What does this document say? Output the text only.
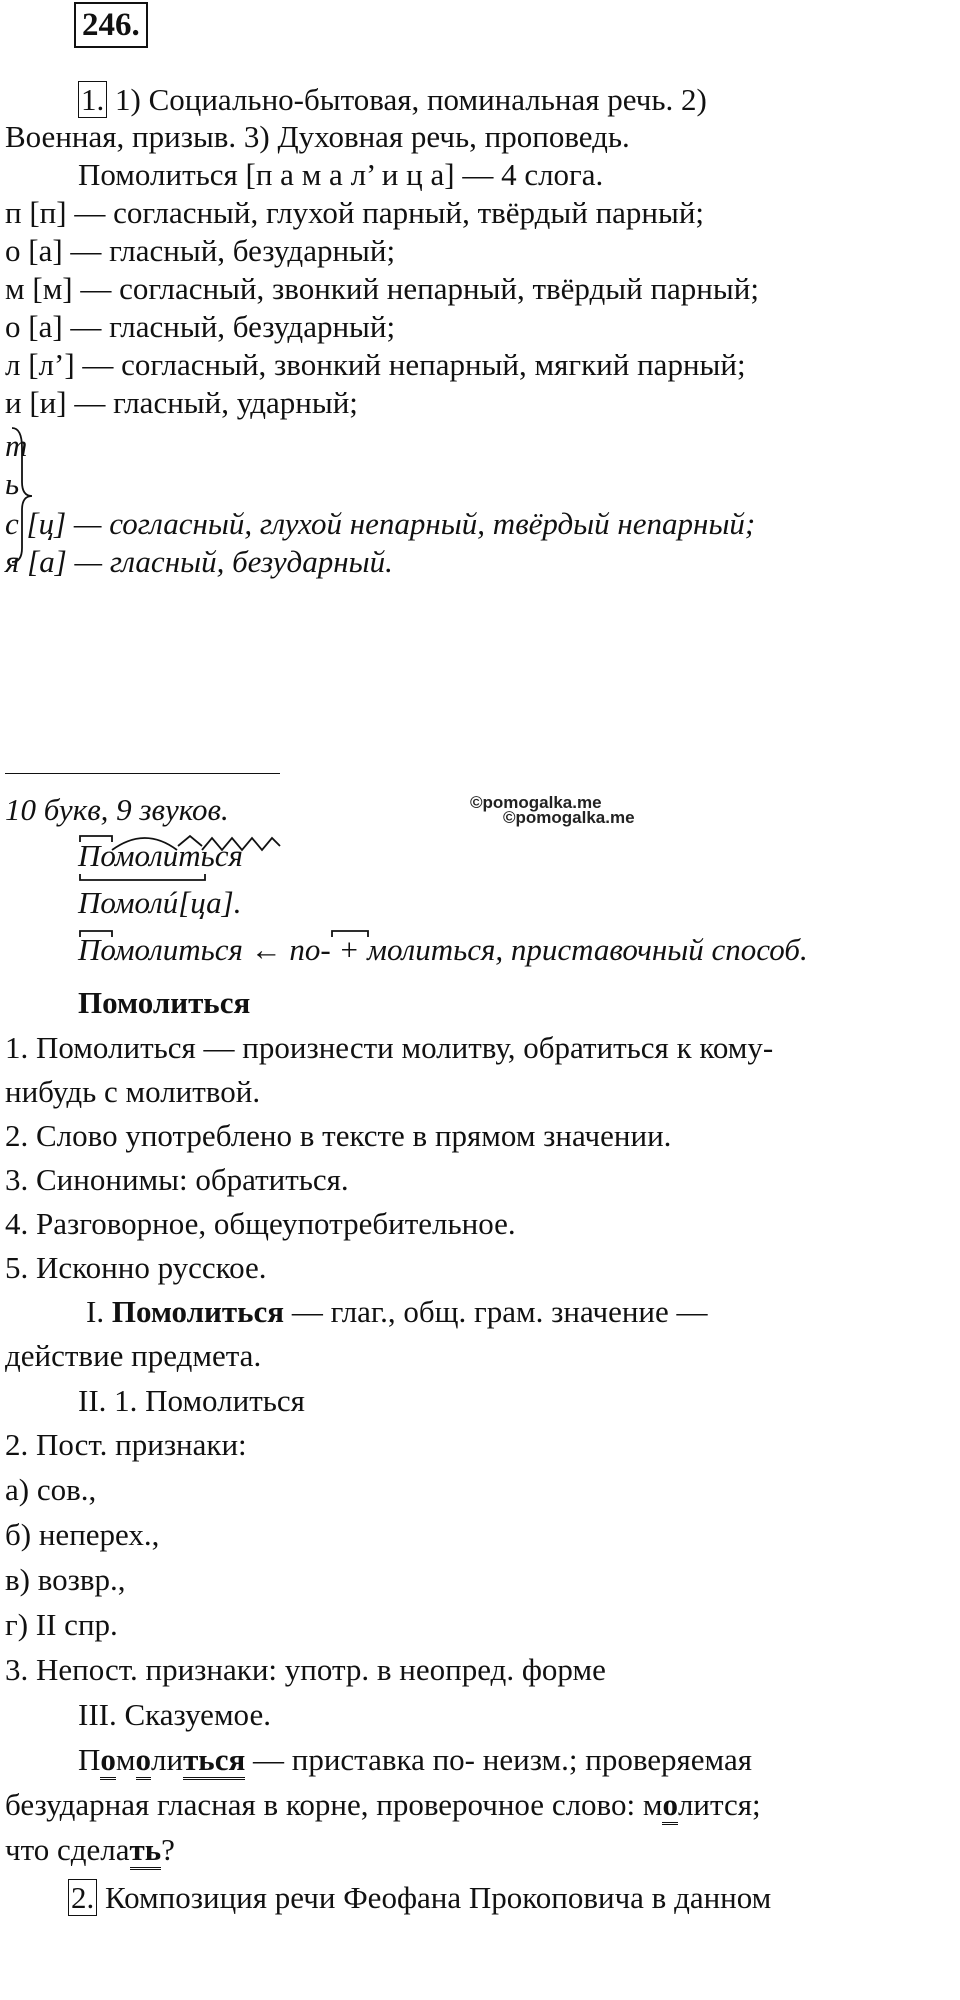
246.
1. 1) Социально-бытовая, поминальная речь. 2)
Военная, призыв. 3) Духовная речь, проповедь.
Помолиться [п а м а л’ и ц а] — 4 слога.
п [п] — согласный, глухой парный, твёрдый парный;
о [а] — гласный, безударный;
м [м] — согласный, звонкий непарный, твёрдый парный;
о [а] — гласный, безударный;
л [л’] — согласный, звонкий непарный, мягкий парный;
и [и] — гласный, ударный;
т
ь
с [ц] — согласный, глухой непарный, твёрдый непарный;
я [а] — гласный, безударный.
10 букв, 9 звуков.	©pomogalka.me
©pomogalka.me
Помолиться
Помолú[ца].
Помолиться ← по- + молиться, приставочный способ.
Помолиться
1. Помолиться — произнести молитву, обратиться к кому-
нибудь с молитвой.
2. Слово употреблено в тексте в прямом значении.
3. Синонимы: обратиться.
4. Разговорное, общеупотребительное.
5. Исконно русское.
I. Помолиться — глаг., общ. грам. значение —
действие предмета.
II. 1. Помолиться
2. Пост. признаки:
а) сов.,
б) неперех.,
в) возвр.,
г) II спр.
3. Непост. признаки: употр. в неопред. форме
III. Сказуемое.
Помолиться — приставка по- неизм.; проверяемая
безударная гласная в корне, проверочное слово: молится;
что сделать?
2. Композиция речи Феофана Прокоповича в данном
